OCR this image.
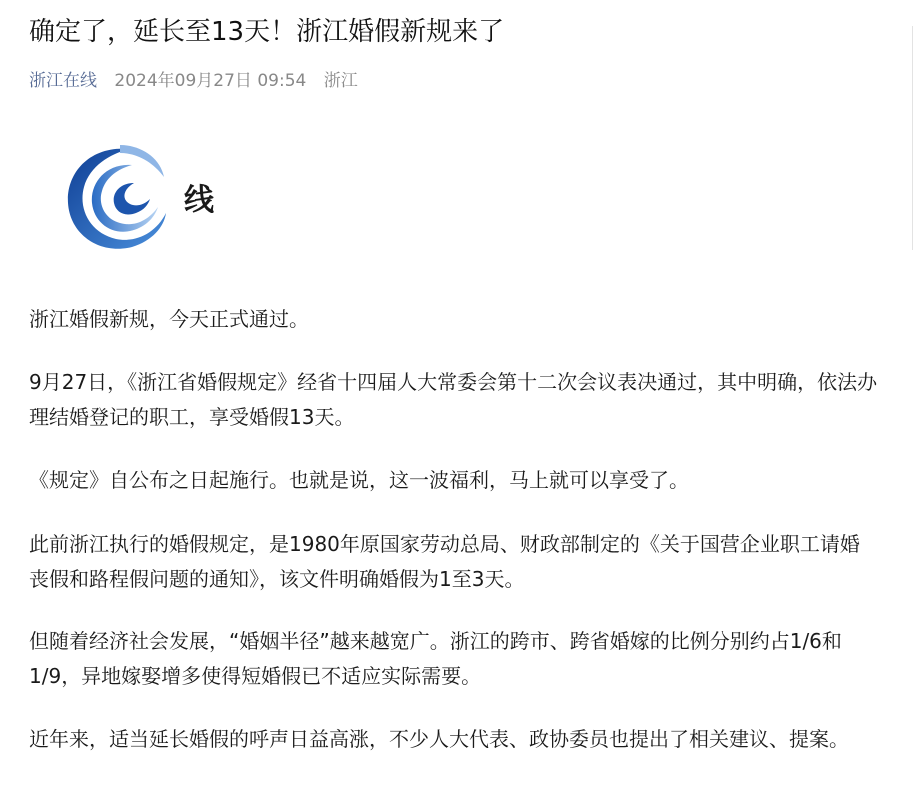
确定了，延长至13天！浙江婚假新规来了
浙江在线 2024年09月27日 09:54 浙江
线

浙江婚假新规，今天正式通过。

9月27日，《浙江省婚假规定》经省十四届人大常委会第十二次会议表决通过，其中明确，依法办理结婚登记的职工，享受婚假13天。

《规定》自公布之日起施行。也就是说，这一波福利，马上就可以享受了。

此前浙江执行的婚假规定，是1980年原国家劳动总局、财政部制定的《关于国营企业职工请婚丧假和路程假问题的通知》，该文件明确婚假为1至3天。

但随着经济社会发展，“婚姻半径”越来越宽广。浙江的跨市、跨省婚嫁的比例分别约占1/6和1/9，异地嫁娶增多使得短婚假已不适应实际需要。

近年来，适当延长婚假的呼声日益高涨，不少人大代表、政协委员也提出了相关建议、提案。
